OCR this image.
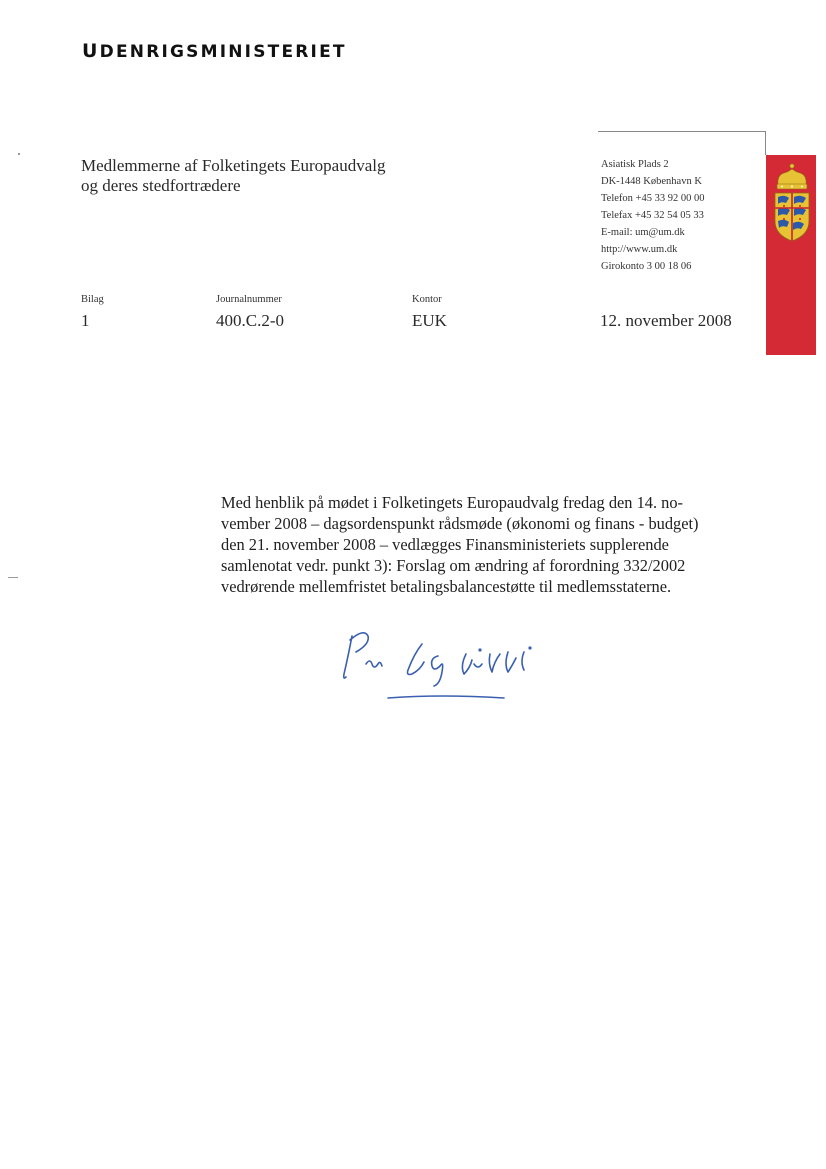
UDENRIGSMINISTERIET
Medlemmerne af Folketingets Europaudvalg
og deres stedfortrædere
Asiatisk Plads 2
DK-1448 København K
Telefon +45 33 92 00 00
Telefax +45 32 54 05 33
E-mail: um@um.dk
http://www.um.dk
Girokonto 3 00 18 06
Bilag
1
Journalnummer
400.C.2-0
Kontor
EUK	12. november 2008
Med henblik på mødet i Folketingets Europaudvalg fredag den 14. no-
vember 2008 – dagsordenspunkt rådsmøde (økonomi og finans - budget)
den 21. november 2008 – vedlægges Finansministeriets supplerende
samlenotat vedr. punkt 3): Forslag om ændring af forordning 332/2002
vedrørende mellemfristet betalingsbalancestøtte til medlemsstaterne.
